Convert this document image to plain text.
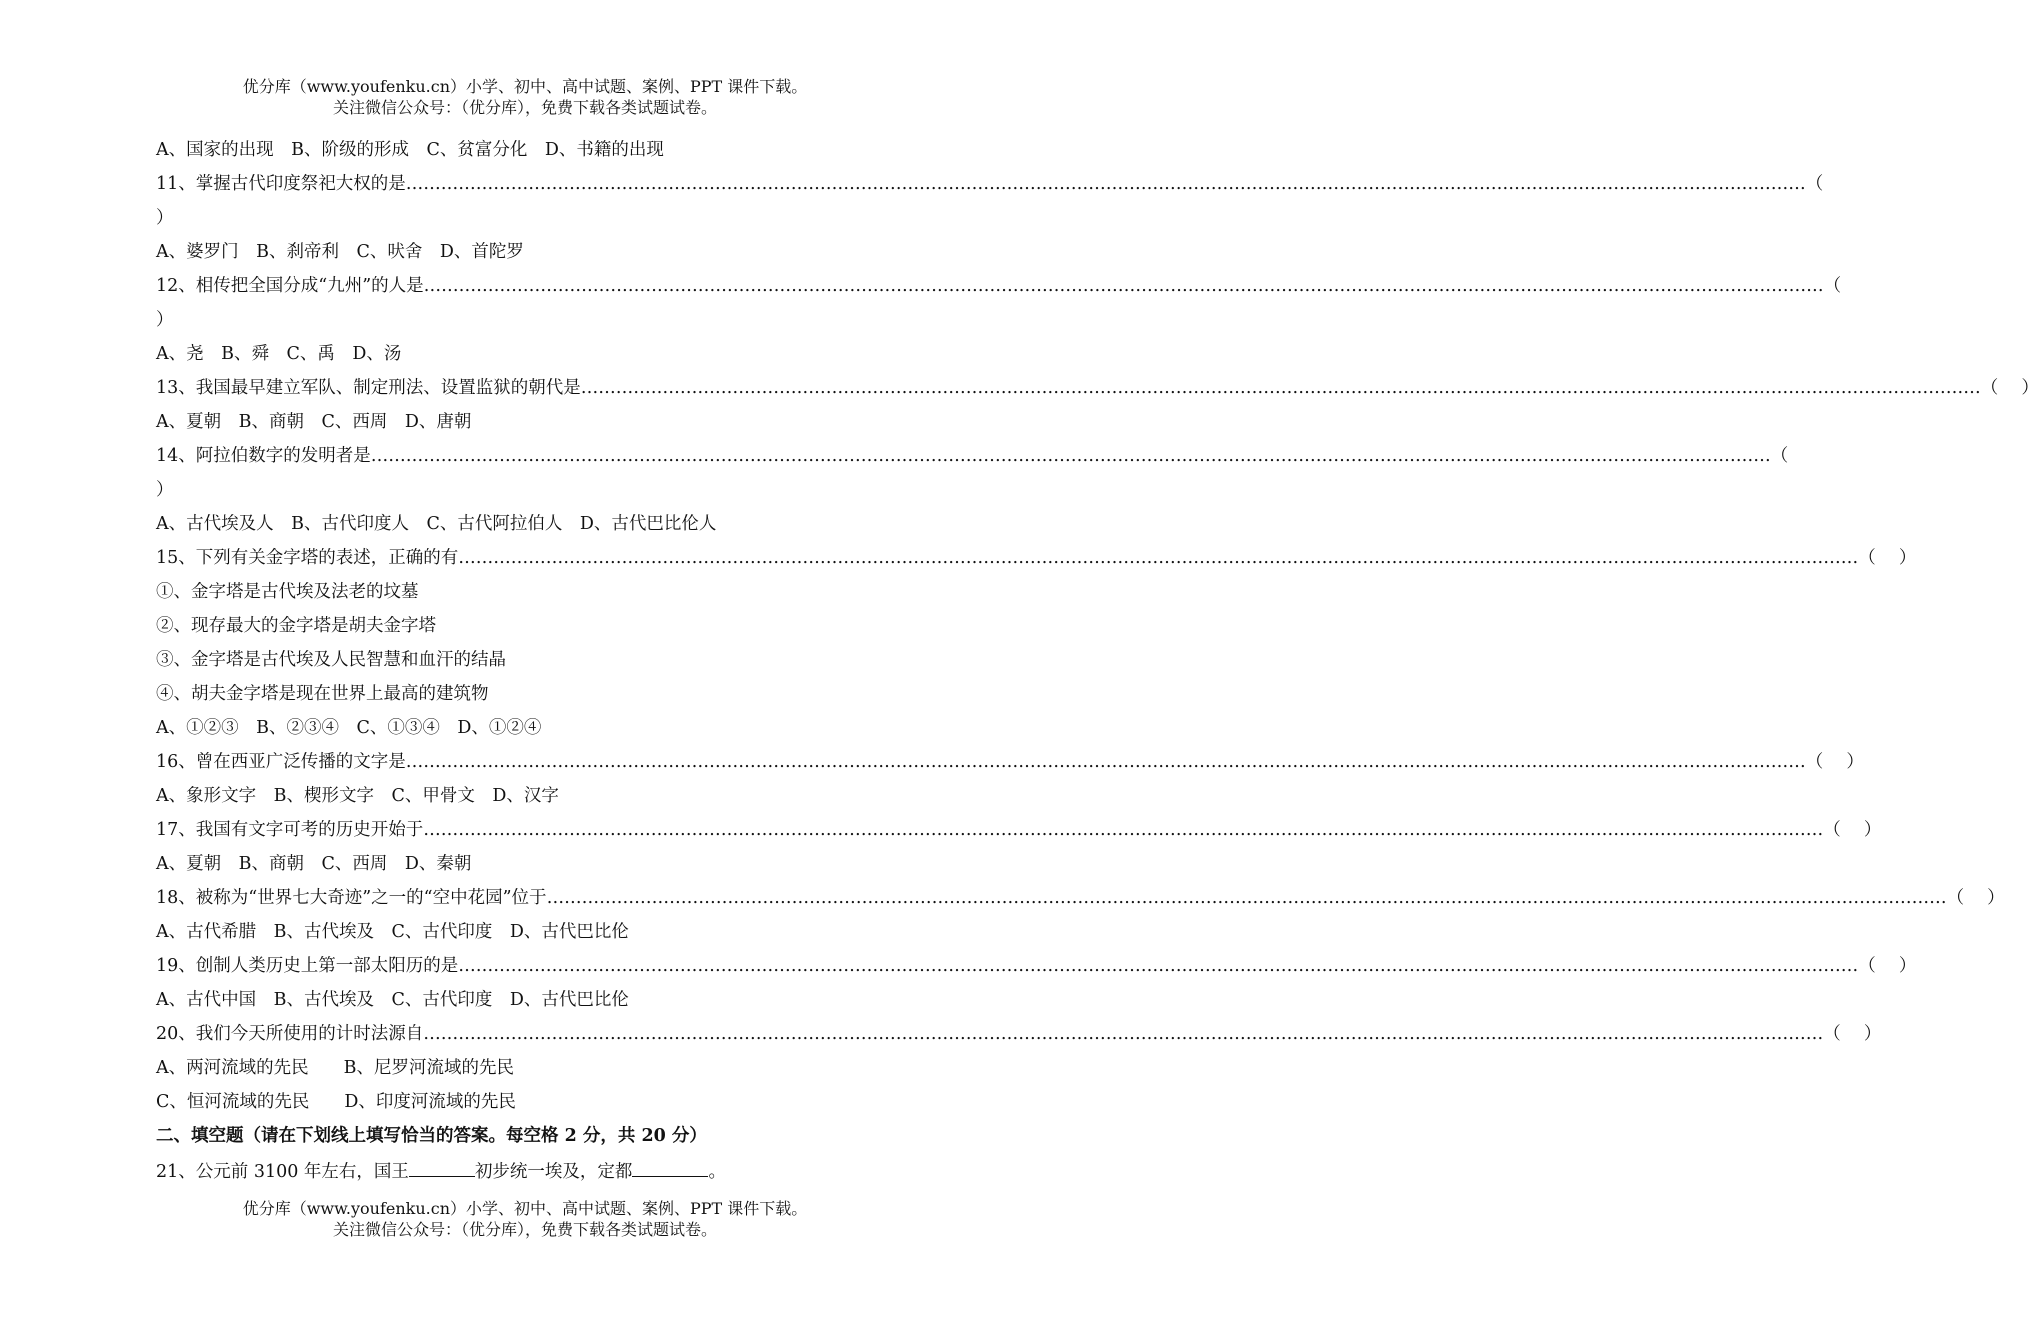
优分库（www.youfenku.cn）小学、初中、高中试题、案例、PPT 课件下载。
关注微信公众号：（优分库），免费下载各类试题试卷。
A、国家的出现　B、阶级的形成　C、贫富分化　D、书籍的出现
11、掌握古代印度祭祀大权的是 …………………………………………………………………………………………………………………………………………………………………………………………………………………… （
）
A、婆罗门　B、刹帝利　C、吠舍　D、首陀罗
12、相传把全国分成“九州”的人是 …………………………………………………………………………………………………………………………………………………………………………………………………………………… （
）
A、尧　B、舜　C、禹　D、汤
13、我国最早建立军队、制定刑法、设置监狱的朝代是 …………………………………………………………………………………………………………………………………………………………………………………………………………………… （　 ）
A、夏朝　B、商朝　C、西周　D、唐朝
14、阿拉伯数字的发明者是 …………………………………………………………………………………………………………………………………………………………………………………………………………………… （
）
A、古代埃及人　B、古代印度人　C、古代阿拉伯人　D、古代巴比伦人
15、下列有关金字塔的表述，正确的有 …………………………………………………………………………………………………………………………………………………………………………………………………………………… （　 ）
①、金字塔是古代埃及法老的坟墓
②、现存最大的金字塔是胡夫金字塔
③、金字塔是古代埃及人民智慧和血汗的结晶
④、胡夫金字塔是现在世界上最高的建筑物
A、①②③　B、②③④　C、①③④　D、①②④
16、曾在西亚广泛传播的文字是 …………………………………………………………………………………………………………………………………………………………………………………………………………………… （　 ）
A、象形文字　B、楔形文字　C、甲骨文　D、汉字
17、我国有文字可考的历史开始于 …………………………………………………………………………………………………………………………………………………………………………………………………………………… （　 ）
A、夏朝　B、商朝　C、西周　D、秦朝
18、被称为“世界七大奇迹”之一的“空中花园”位于 …………………………………………………………………………………………………………………………………………………………………………………………………………………… （　 ）
A、古代希腊　B、古代埃及　C、古代印度　D、古代巴比伦
19、创制人类历史上第一部太阳历的是 …………………………………………………………………………………………………………………………………………………………………………………………………………………… （　 ）
A、古代中国　B、古代埃及　C、古代印度　D、古代巴比伦
20、我们今天所使用的计时法源自 …………………………………………………………………………………………………………………………………………………………………………………………………………………… （　 ）
A、两河流域的先民　　B、尼罗河流域的先民
C、恒河流域的先民　　D、印度河流域的先民
二、填空题（请在下划线上填写恰当的答案。每空格 2 分，共 20 分）
21、公元前 3100 年左右，国王	初步统一埃及，定都	。
优分库（www.youfenku.cn）小学、初中、高中试题、案例、PPT 课件下载。
关注微信公众号：（优分库），免费下载各类试题试卷。
